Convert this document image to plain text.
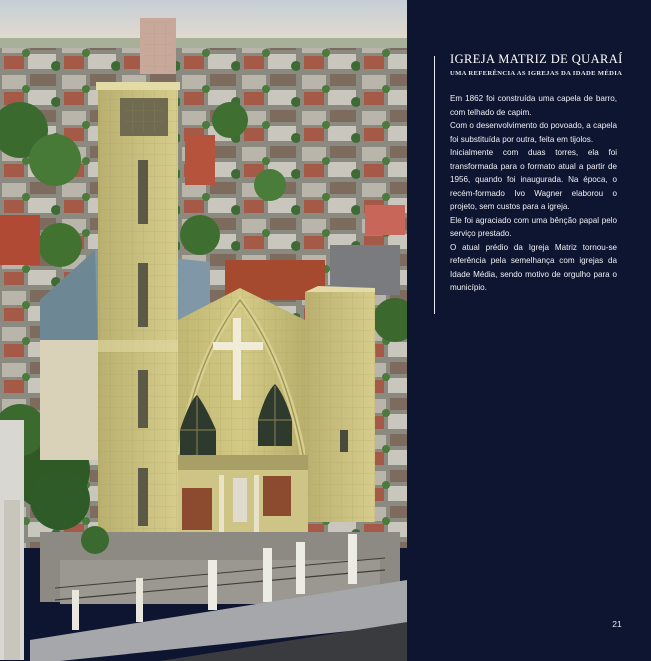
IGREJA MATRIZ DE QUARAÍ
UMA REFERÊNCIA AS IGREJAS DA IDADE MÉDIA

Em 1862 foi construída uma capela de barro, com telhado de capim.

Com o desenvolvimento do povoado, a capela foi substituída por outra, feita em tijolos.

Inicialmente com duas torres, ela foi transformada para o formato atual a partir de 1956, quando foi inaugurada. Na época, o recém-formado Ivo Wagner elaborou o projeto, sem custos para a igreja.

Ele foi agraciado com uma bênção papal pelo serviço prestado.

O atual prédio da Igreja Matriz tornou-se referência pela semelhança com igrejas da Idade Média, sendo motivo de orgulho para o município.

21
